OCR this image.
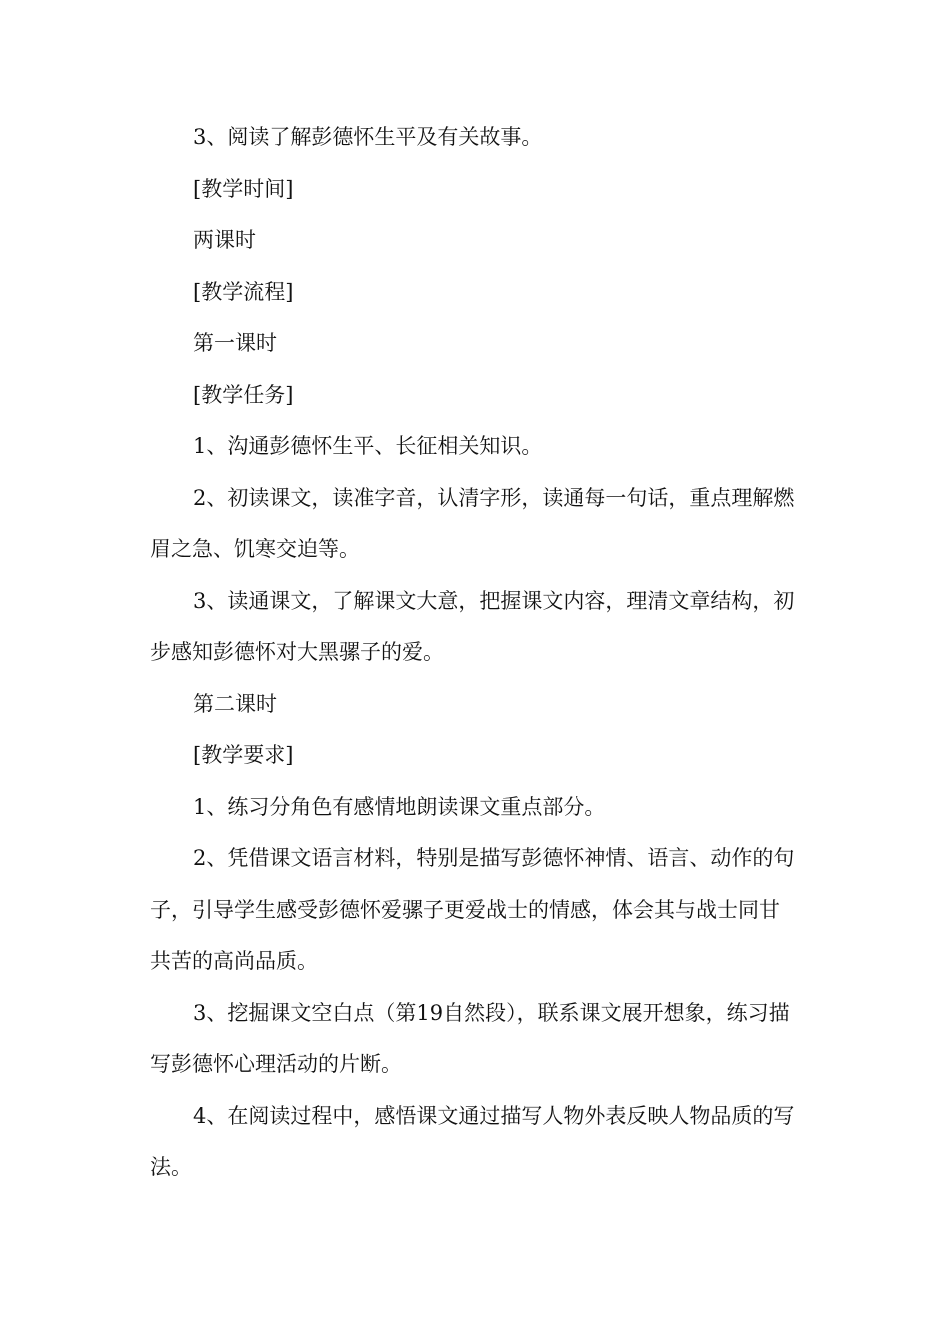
3、阅读了解彭德怀生平及有关故事。

[教学时间]

两课时

[教学流程]

第一课时

[教学任务]

1、沟通彭德怀生平、长征相关知识。

2、初读课文，读准字音，认清字形，读通每一句话，重点理解燃眉之急、饥寒交迫等。

3、读通课文，了解课文大意，把握课文内容，理清文章结构，初步感知彭德怀对大黑骡子的爱。

第二课时

[教学要求]

1、练习分角色有感情地朗读课文重点部分。

2、凭借课文语言材料，特别是描写彭德怀神情、语言、动作的句子，引导学生感受彭德怀爱骡子更爱战士的情感，体会其与战士同甘共苦的高尚品质。

3、挖掘课文空白点（第19自然段），联系课文展开想象，练习描写彭德怀心理活动的片断。

4、在阅读过程中，感悟课文通过描写人物外表反映人物品质的写法。
